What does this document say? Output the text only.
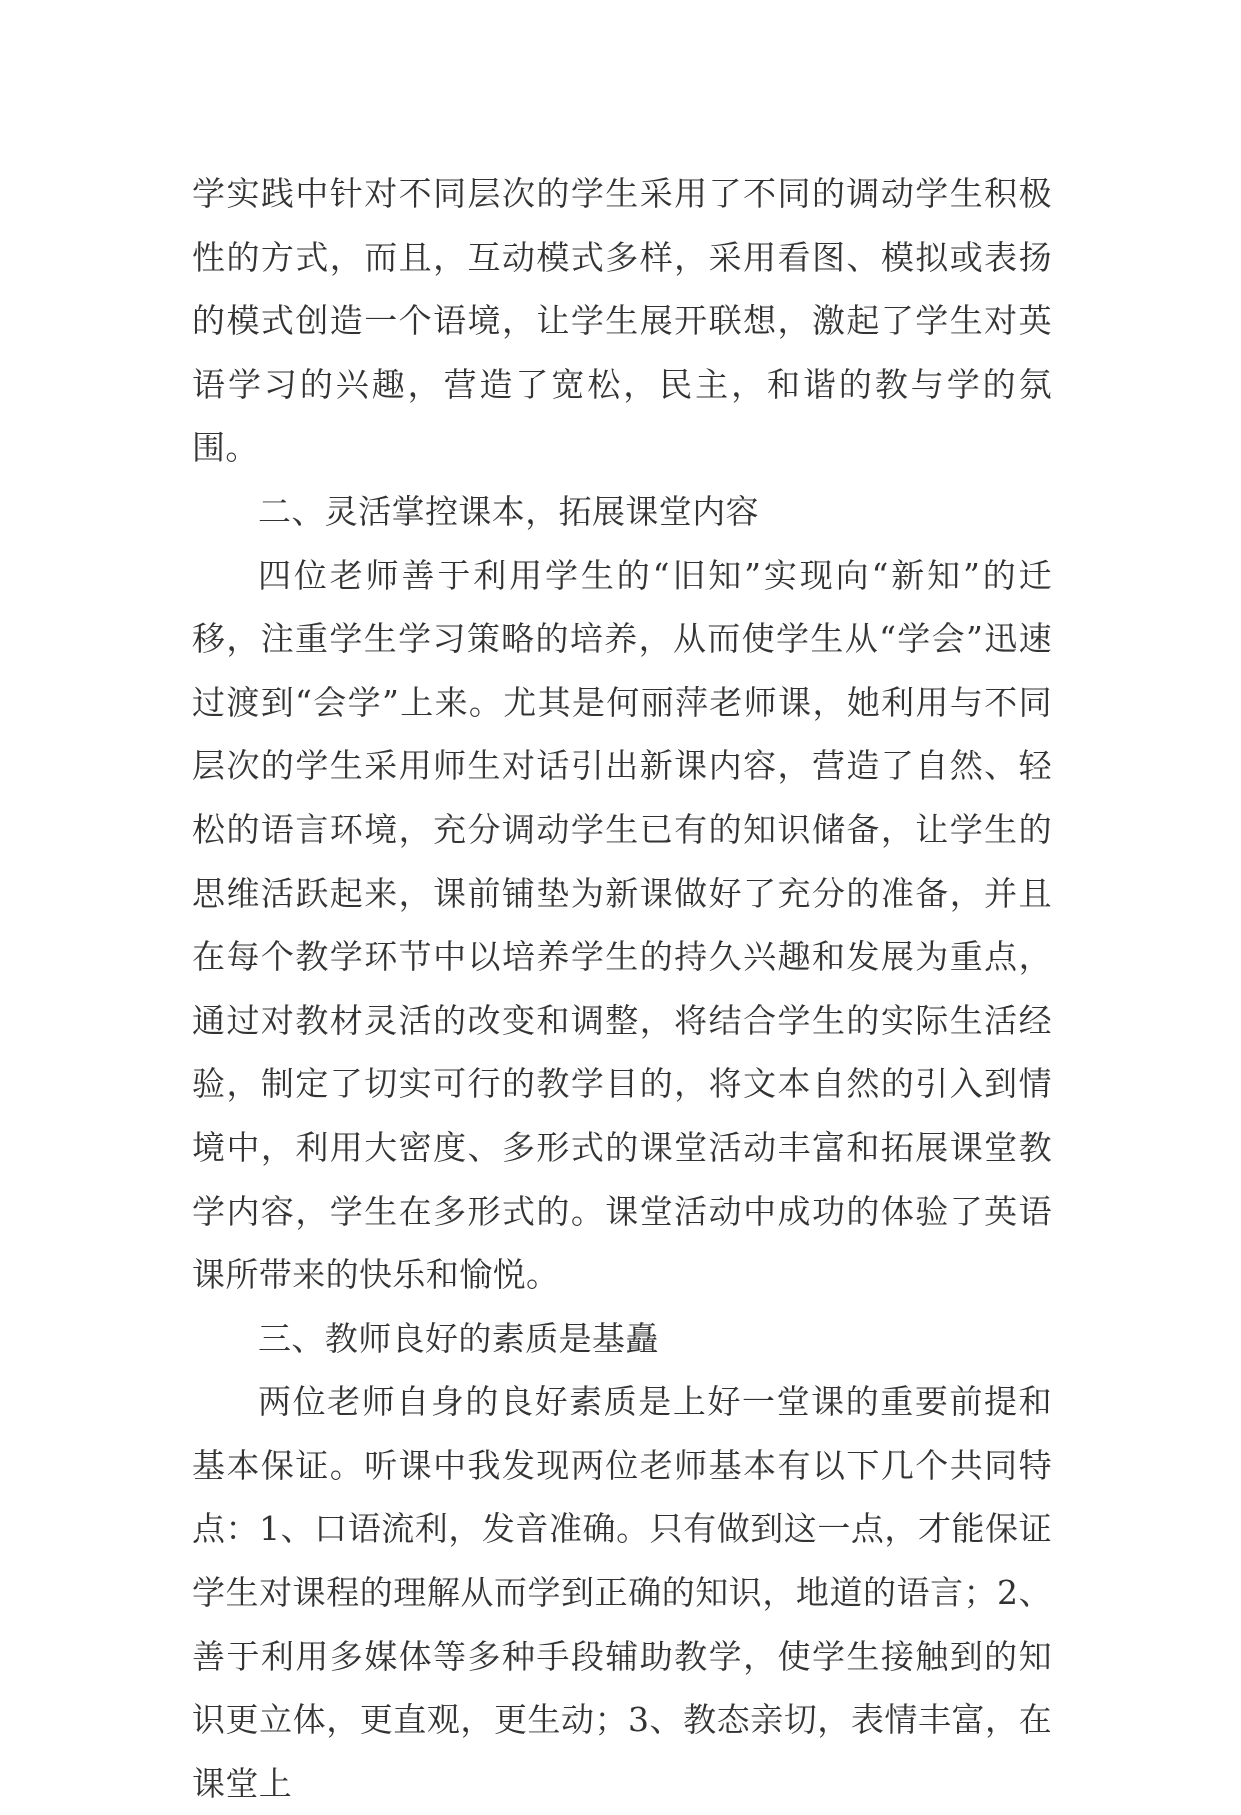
学实践中针对不同层次的学生采用了不同的调动学生积极性的方式，而且，互动模式多样，采用看图、模拟或表扬的模式创造一个语境，让学生展开联想，激起了学生对英语学习的兴趣，营造了宽松，民主，和谐的教与学的氛围。

二、灵活掌控课本，拓展课堂内容

四位老师善于利用学生的“旧知”实现向“新知”的迁移，注重学生学习策略的培养，从而使学生从“学会”迅速过渡到“会学”上来。尤其是何丽萍老师课，她利用与不同层次的学生采用师生对话引出新课内容，营造了自然、轻松的语言环境，充分调动学生已有的知识储备，让学生的思维活跃起来，课前铺垫为新课做好了充分的准备，并且在每个教学环节中以培养学生的持久兴趣和发展为重点，通过对教材灵活的改变和调整，将结合学生的实际生活经验，制定了切实可行的教学目的，将文本自然的引入到情境中，利用大密度、多形式的课堂活动丰富和拓展课堂教学内容，学生在多形式的。课堂活动中成功的体验了英语课所带来的快乐和愉悦。

三、教师良好的素质是基矗

两位老师自身的良好素质是上好一堂课的重要前提和基本保证。听课中我发现两位老师基本有以下几个共同特点：1、口语流利，发音准确。只有做到这一点，才能保证学生对课程的理解从而学到正确的知识，地道的语言；2、善于利用多媒体等多种手段辅助教学，使学生接触到的知识更立体，更直观，更生动；3、教态亲切，表情丰富，在课堂上
